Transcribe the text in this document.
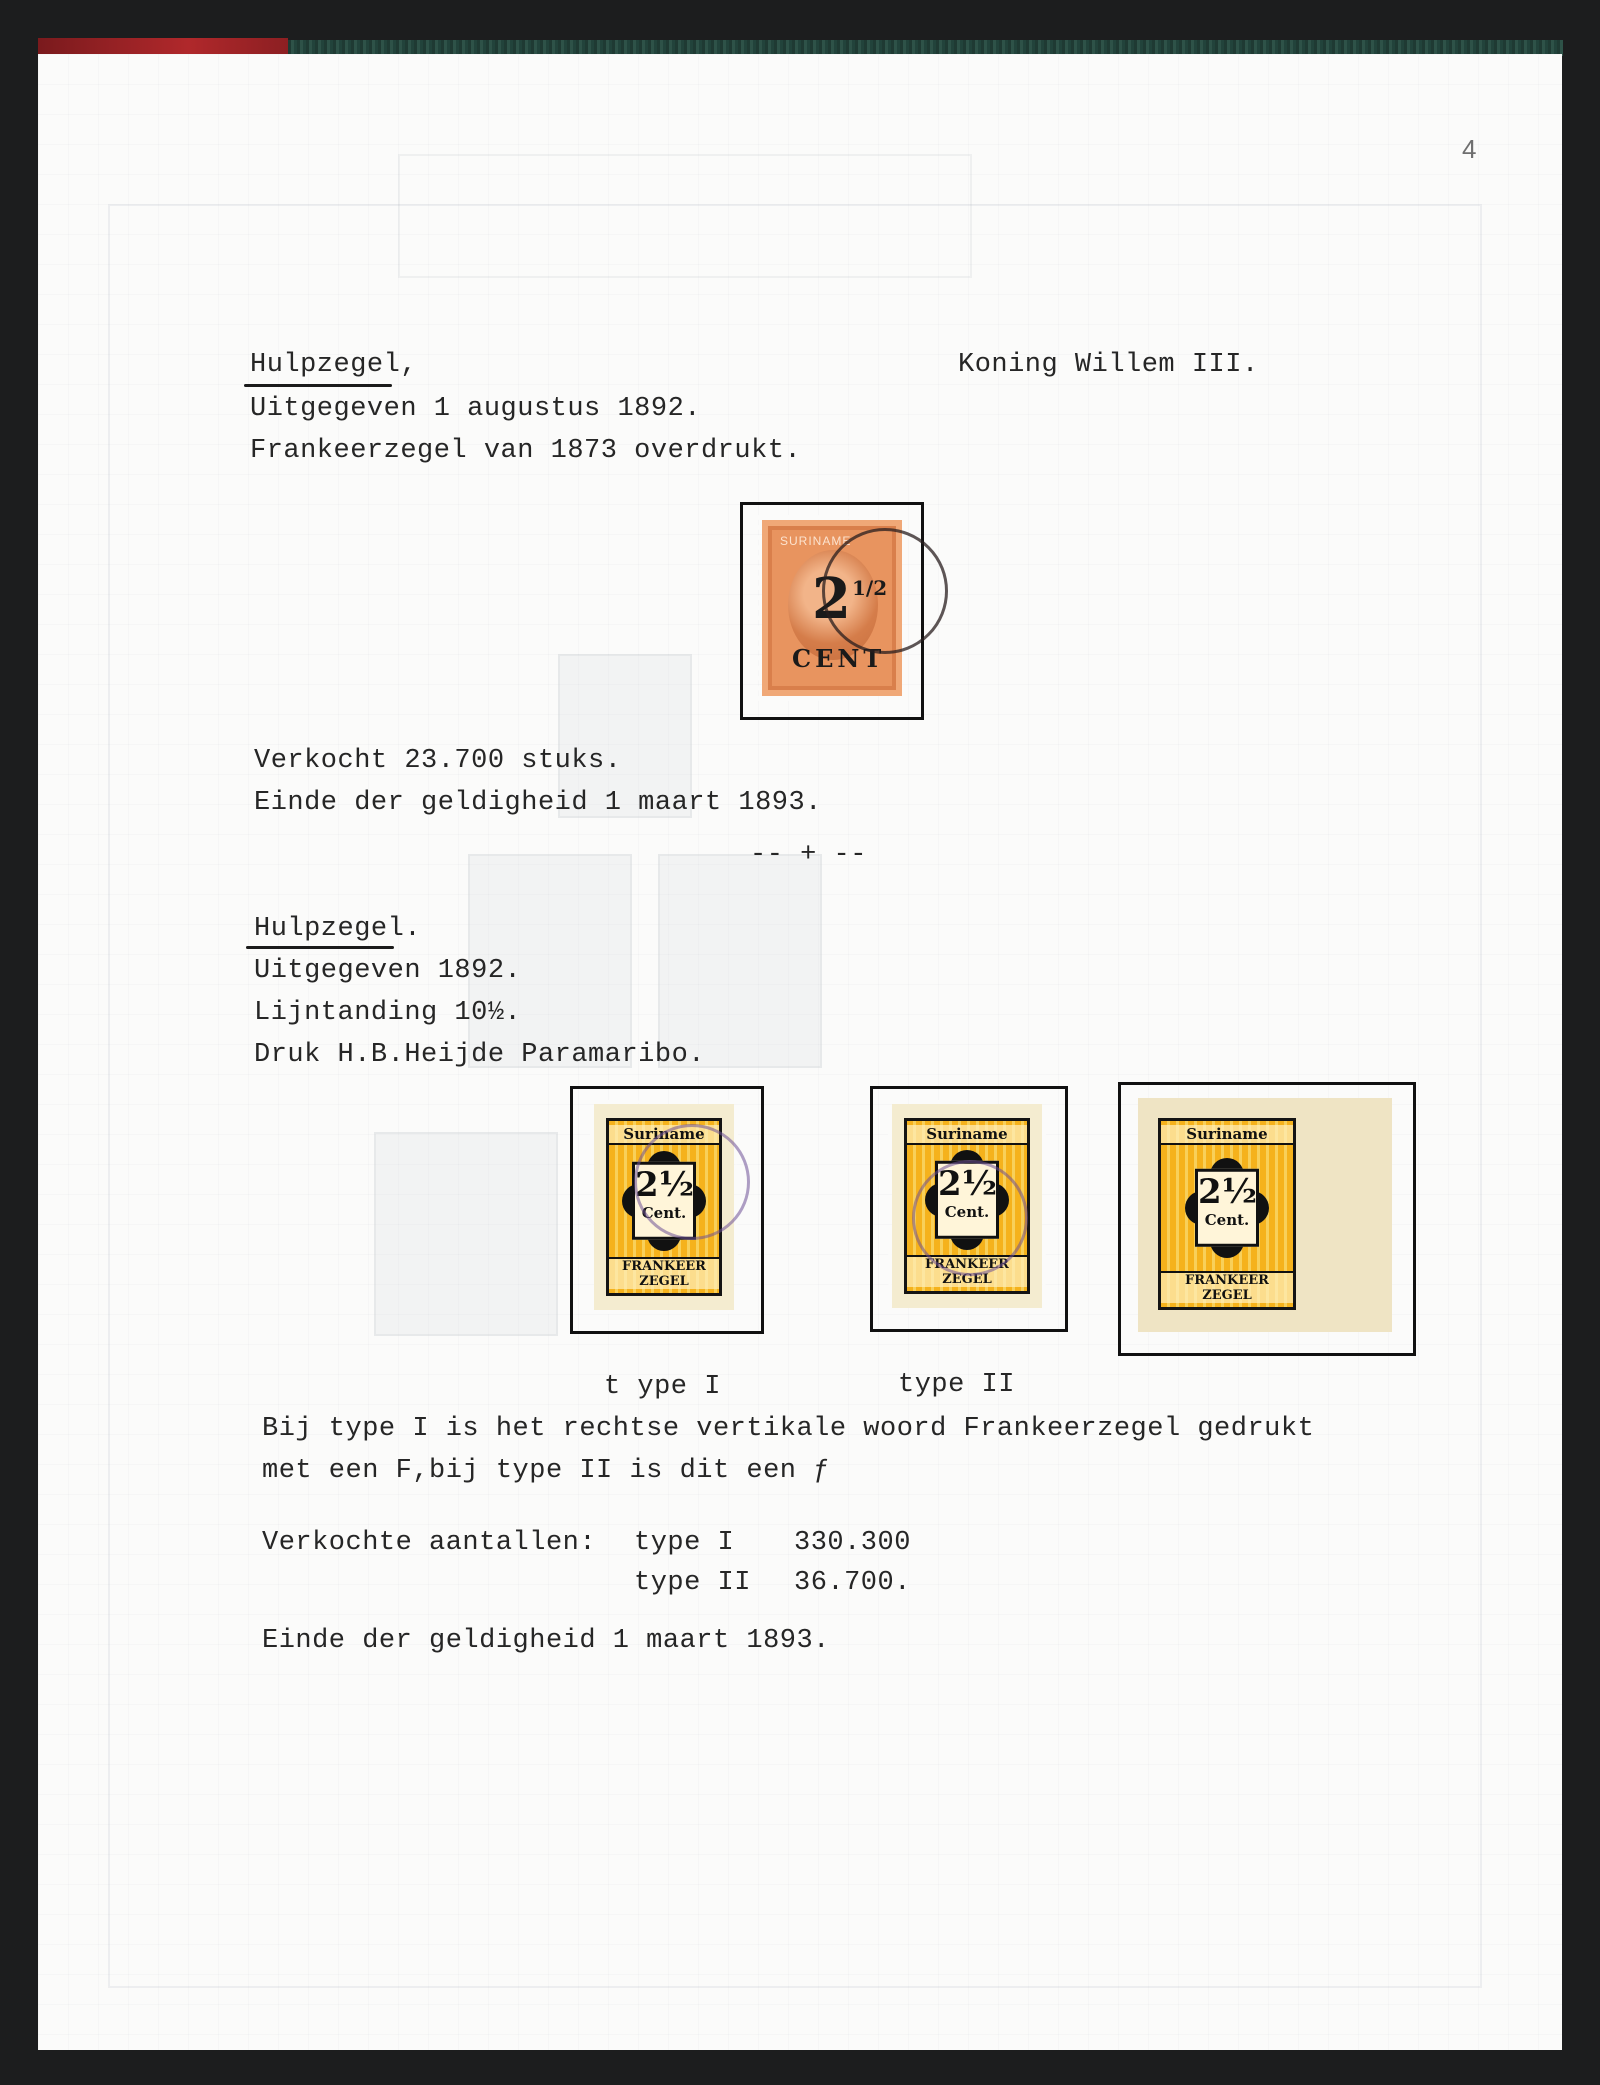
4
Hulpzegel,	Koning Willem III.
Uitgegeven 1 augustus 1892.
Frankeerzegel van 1873 overdrukt.
SURINAME
2 1/2
CENT
Verkocht 23.700 stuks.
Einde der geldigheid 1 maart 1893.
-- + --
Hulpzegel.
Uitgegeven 1892.
Lijntanding 10½.
Druk H.B.Heijde Paramaribo.
Suriname
2½
Cent.
FRANKEER
ZEGEL
Suriname
2½
Cent.
FRANKEER
ZEGEL
Suriname
2½
Cent.
FRANKEER
ZEGEL
t ype I	type II
Bij type I is het rechtse vertikale woord Frankeerzegel gedrukt
met een F,bij type II is dit een ƒ
Verkochte aantallen: type I 330.300
type II 36.700.
Einde der geldigheid 1 maart 1893.
